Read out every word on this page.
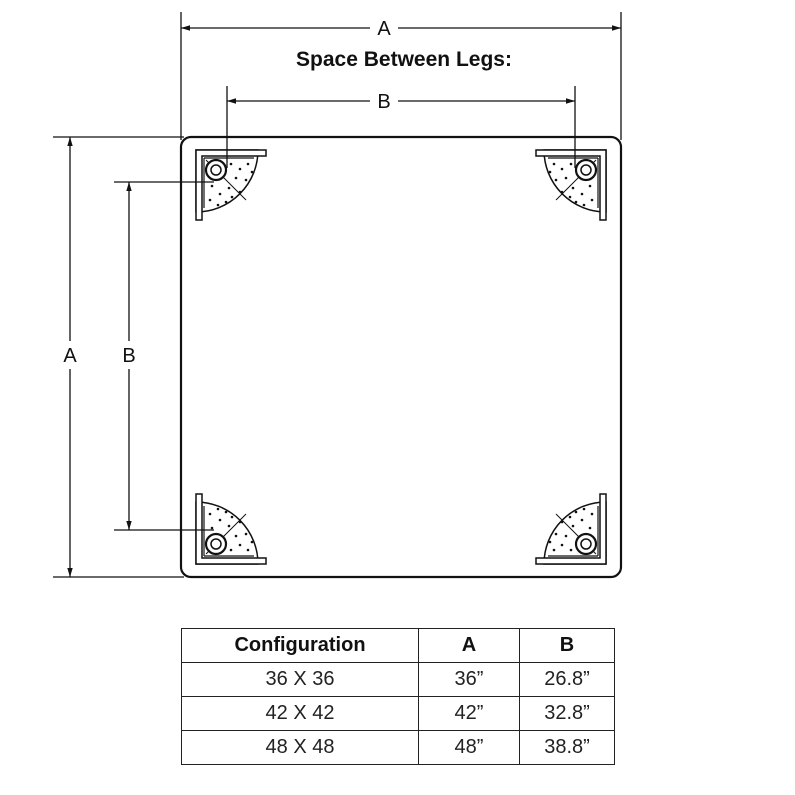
Space Between Legs:
A
B
A B
Configuration	A	B
36 X 36	36”	26.8”
42 X 42	42”	32.8”
48 X 48	48”	38.8”
